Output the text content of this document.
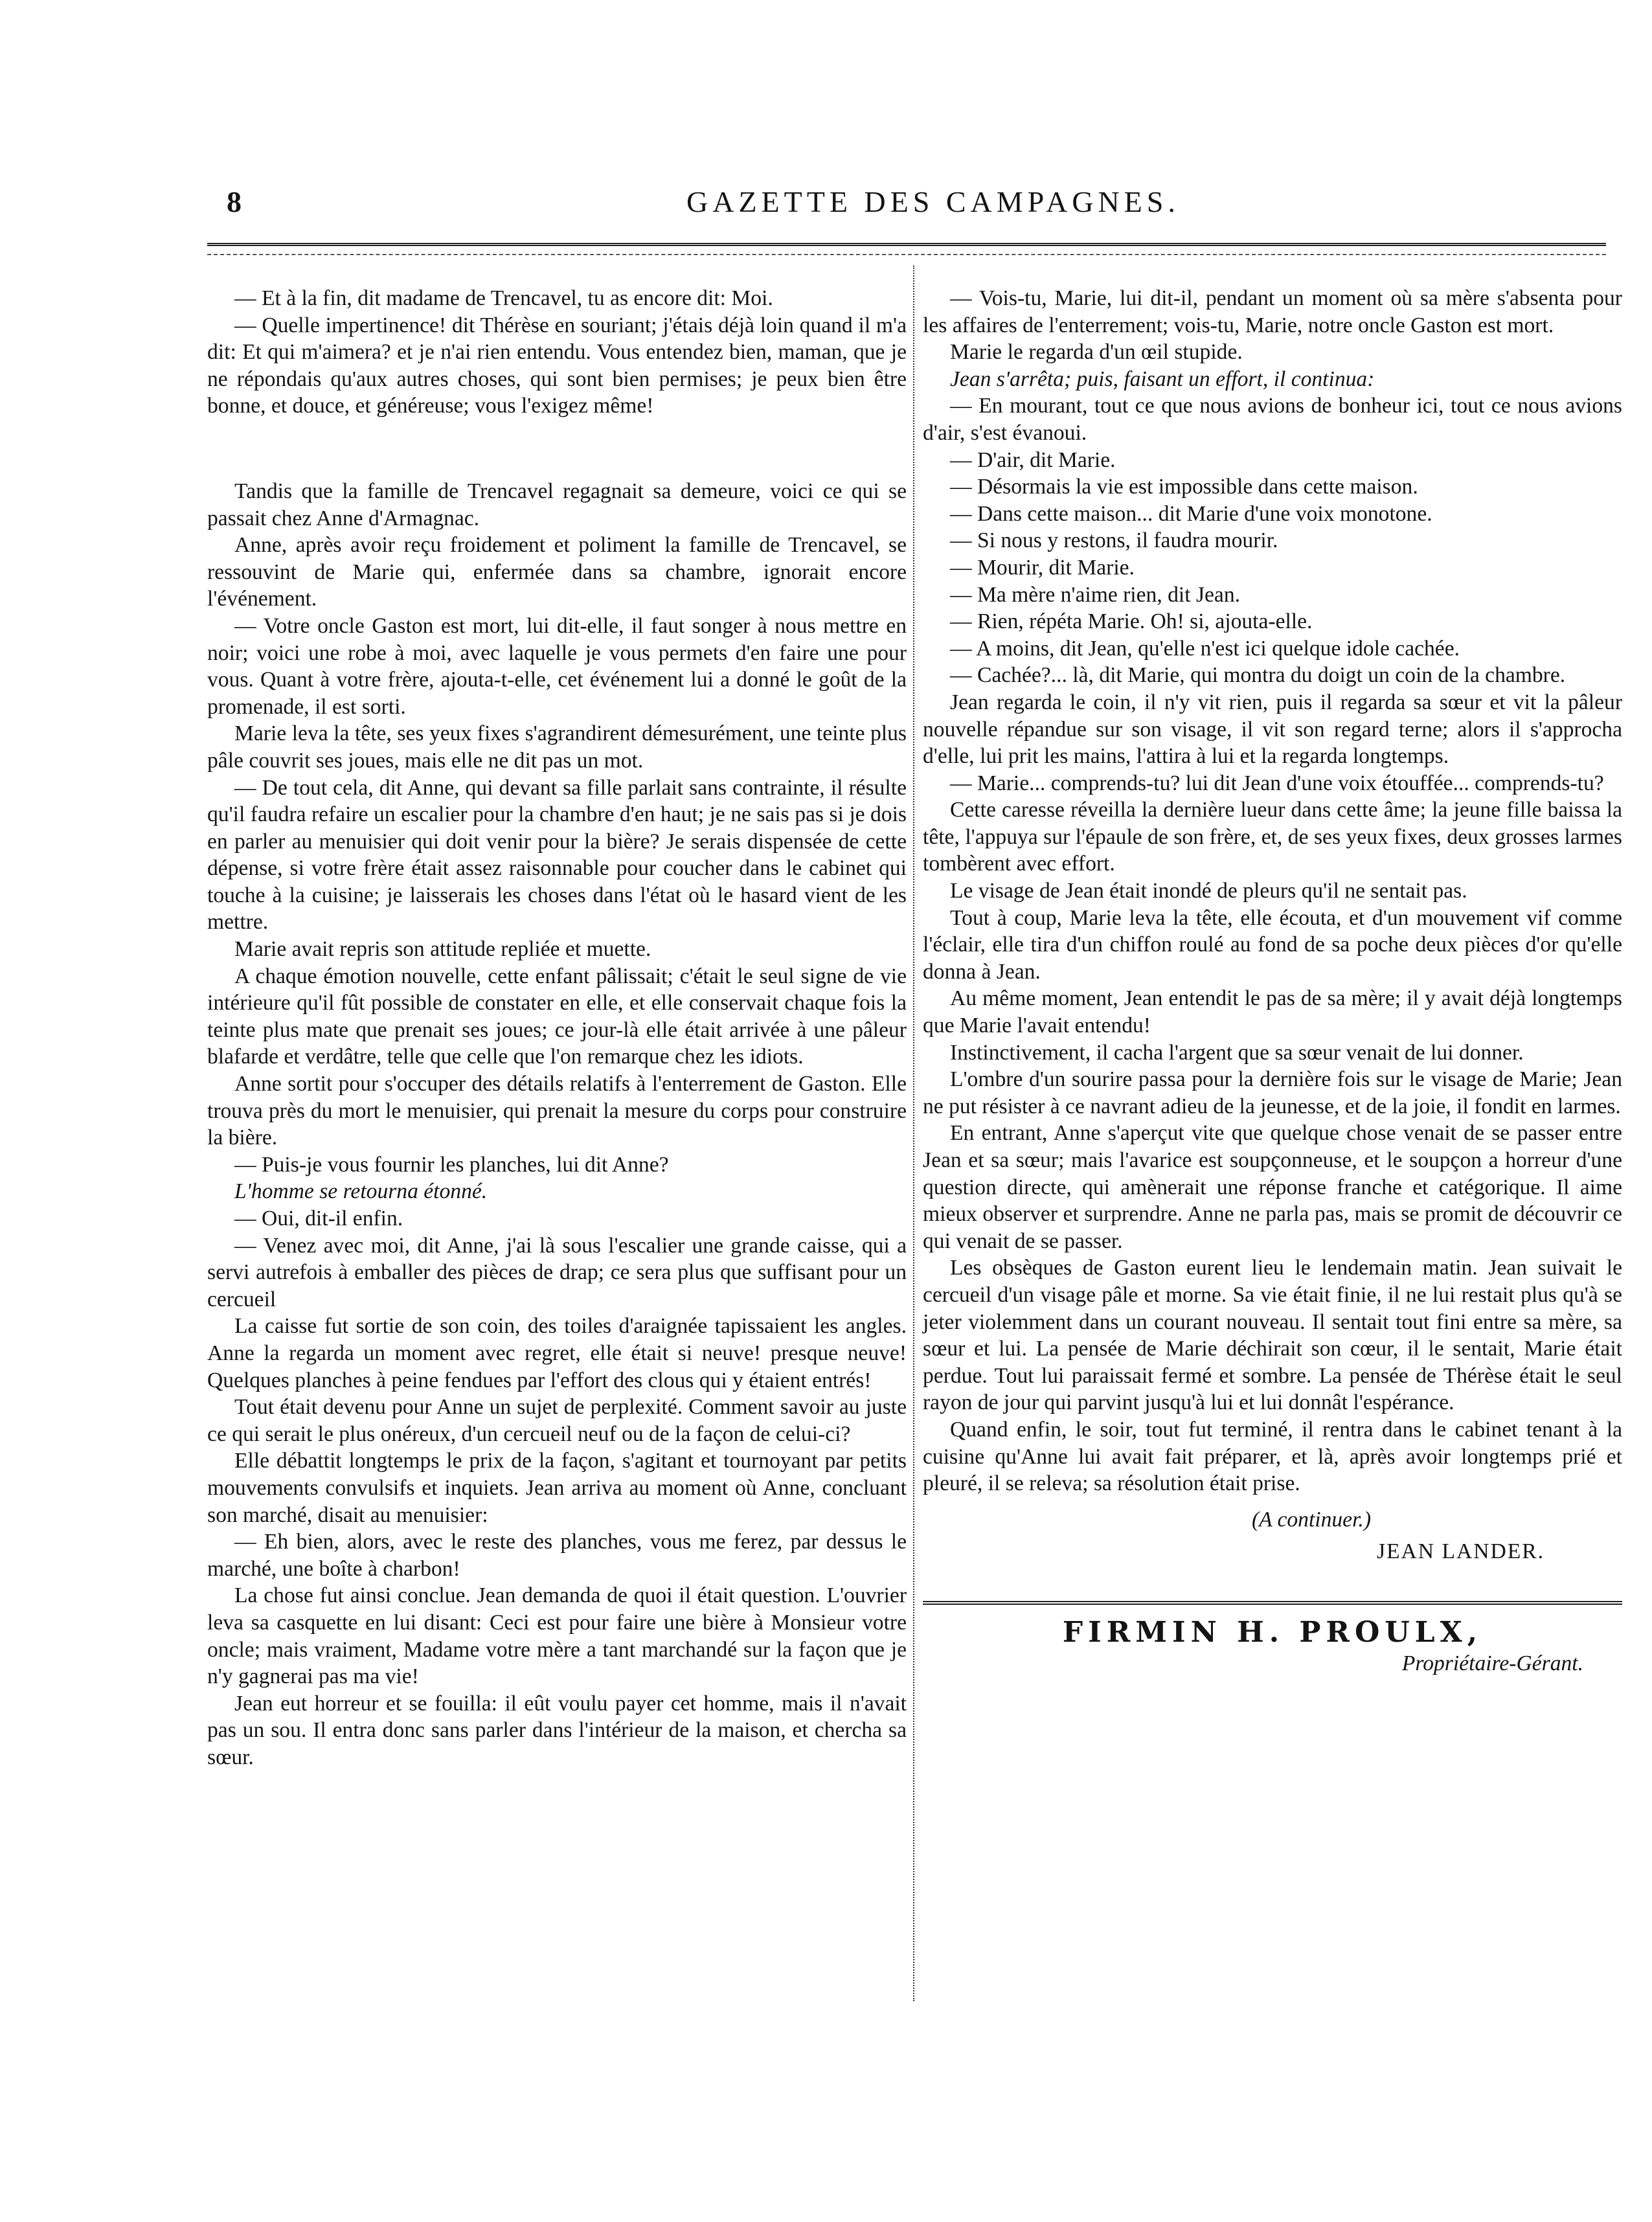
8	GAZETTE DES CAMPAGNES.

— Et à la fin, dit madame de Trencavel, tu as encore dit: Moi.

— Quelle impertinence! dit Thérèse en souriant; j'étais déjà loin quand il m'a dit: Et qui m'aimera? et je n'ai rien entendu. Vous entendez bien, maman, que je ne répondais qu'aux autres choses, qui sont bien permises; je peux bien être bonne, et douce, et généreuse; vous l'exigez même!

Tandis que la famille de Trencavel regagnait sa demeure, voici ce qui se passait chez Anne d'Armagnac.

Anne, après avoir reçu froidement et poliment la famille de Trencavel, se ressouvint de Marie qui, enfermée dans sa chambre, ignorait encore l'événement.

— Votre oncle Gaston est mort, lui dit-elle, il faut songer à nous mettre en noir; voici une robe à moi, avec laquelle je vous permets d'en faire une pour vous. Quant à votre frère, ajouta-t-elle, cet événement lui a donné le goût de la promenade, il est sorti.

Marie leva la tête, ses yeux fixes s'agrandirent démesurément, une teinte plus pâle couvrit ses joues, mais elle ne dit pas un mot.

— De tout cela, dit Anne, qui devant sa fille parlait sans contrainte, il résulte qu'il faudra refaire un escalier pour la chambre d'en haut; je ne sais pas si je dois en parler au menuisier qui doit venir pour la bière? Je serais dispensée de cette dépense, si votre frère était assez raisonnable pour coucher dans le cabinet qui touche à la cuisine; je laisserais les choses dans l'état où le hasard vient de les mettre.

Marie avait repris son attitude repliée et muette.

A chaque émotion nouvelle, cette enfant pâlissait; c'était le seul signe de vie intérieure qu'il fût possible de constater en elle, et elle conservait chaque fois la teinte plus mate que prenait ses joues; ce jour-là elle était arrivée à une pâleur blafarde et verdâtre, telle que celle que l'on remarque chez les idiots.

Anne sortit pour s'occuper des détails relatifs à l'enterrement de Gaston. Elle trouva près du mort le menuisier, qui prenait la mesure du corps pour construire la bière.

— Puis-je vous fournir les planches, lui dit Anne?

L'homme se retourna étonné.

— Oui, dit-il enfin.

— Venez avec moi, dit Anne, j'ai là sous l'escalier une grande caisse, qui a servi autrefois à emballer des pièces de drap; ce sera plus que suffisant pour un cercueil

La caisse fut sortie de son coin, des toiles d'araignée tapissaient les angles. Anne la regarda un moment avec regret, elle était si neuve! presque neuve! Quelques planches à peine fendues par l'effort des clous qui y étaient entrés!

Tout était devenu pour Anne un sujet de perplexité. Comment savoir au juste ce qui serait le plus onéreux, d'un cercueil neuf ou de la façon de celui-ci?

Elle débattit longtemps le prix de la façon, s'agitant et tournoyant par petits mouvements convulsifs et inquiets. Jean arriva au moment où Anne, concluant son marché, disait au menuisier:

— Eh bien, alors, avec le reste des planches, vous me ferez, par dessus le marché, une boîte à charbon!

La chose fut ainsi conclue. Jean demanda de quoi il était question. L'ouvrier leva sa casquette en lui disant: Ceci est pour faire une bière à Monsieur votre oncle; mais vraiment, Madame votre mère a tant marchandé sur la façon que je n'y gagnerai pas ma vie!

Jean eut horreur et se fouilla: il eût voulu payer cet homme, mais il n'avait pas un sou. Il entra donc sans parler dans l'intérieur de la maison, et chercha sa sœur.

— Vois-tu, Marie, lui dit-il, pendant un moment où sa mère s'absenta pour les affaires de l'enterrement; vois-tu, Marie, notre oncle Gaston est mort.

Marie le regarda d'un œil stupide.

Jean s'arrêta; puis, faisant un effort, il continua:

— En mourant, tout ce que nous avions de bonheur ici, tout ce nous avions d'air, s'est évanoui.

— D'air, dit Marie.

— Désormais la vie est impossible dans cette maison.

— Dans cette maison... dit Marie d'une voix monotone.

— Si nous y restons, il faudra mourir.

— Mourir, dit Marie.

— Ma mère n'aime rien, dit Jean.

— Rien, répéta Marie. Oh! si, ajouta-elle.

— A moins, dit Jean, qu'elle n'est ici quelque idole cachée.

— Cachée?... là, dit Marie, qui montra du doigt un coin de la chambre.

Jean regarda le coin, il n'y vit rien, puis il regarda sa sœur et vit la pâleur nouvelle répandue sur son visage, il vit son regard terne; alors il s'approcha d'elle, lui prit les mains, l'attira à lui et la regarda longtemps.

— Marie... comprends-tu? lui dit Jean d'une voix étouffée... comprends-tu?

Cette caresse réveilla la dernière lueur dans cette âme; la jeune fille baissa la tête, l'appuya sur l'épaule de son frère, et, de ses yeux fixes, deux grosses larmes tombèrent avec effort.

Le visage de Jean était inondé de pleurs qu'il ne sentait pas.

Tout à coup, Marie leva la tête, elle écouta, et d'un mouvement vif comme l'éclair, elle tira d'un chiffon roulé au fond de sa poche deux pièces d'or qu'elle donna à Jean.

Au même moment, Jean entendit le pas de sa mère; il y avait déjà longtemps que Marie l'avait entendu!

Instinctivement, il cacha l'argent que sa sœur venait de lui donner.

L'ombre d'un sourire passa pour la dernière fois sur le visage de Marie; Jean ne put résister à ce navrant adieu de la jeunesse, et de la joie, il fondit en larmes.

En entrant, Anne s'aperçut vite que quelque chose venait de se passer entre Jean et sa sœur; mais l'avarice est soupçonneuse, et le soupçon a horreur d'une question directe, qui amènerait une réponse franche et catégorique. Il aime mieux observer et surprendre. Anne ne parla pas, mais se promit de découvrir ce qui venait de se passer.

Les obsèques de Gaston eurent lieu le lendemain matin. Jean suivait le cercueil d'un visage pâle et morne. Sa vie était finie, il ne lui restait plus qu'à se jeter violemment dans un courant nouveau. Il sentait tout fini entre sa mère, sa sœur et lui. La pensée de Marie déchirait son cœur, il le sentait, Marie était perdue. Tout lui paraissait fermé et sombre. La pensée de Thérèse était le seul rayon de jour qui parvint jusqu'à lui et lui donnât l'espérance.

Quand enfin, le soir, tout fut terminé, il rentra dans le cabinet tenant à la cuisine qu'Anne lui avait fait préparer, et là, après avoir longtemps prié et pleuré, il se releva; sa résolution était prise.

(A continuer.)
JEAN LANDER.
FIRMIN H. PROULX,
Propriétaire-Gérant.
